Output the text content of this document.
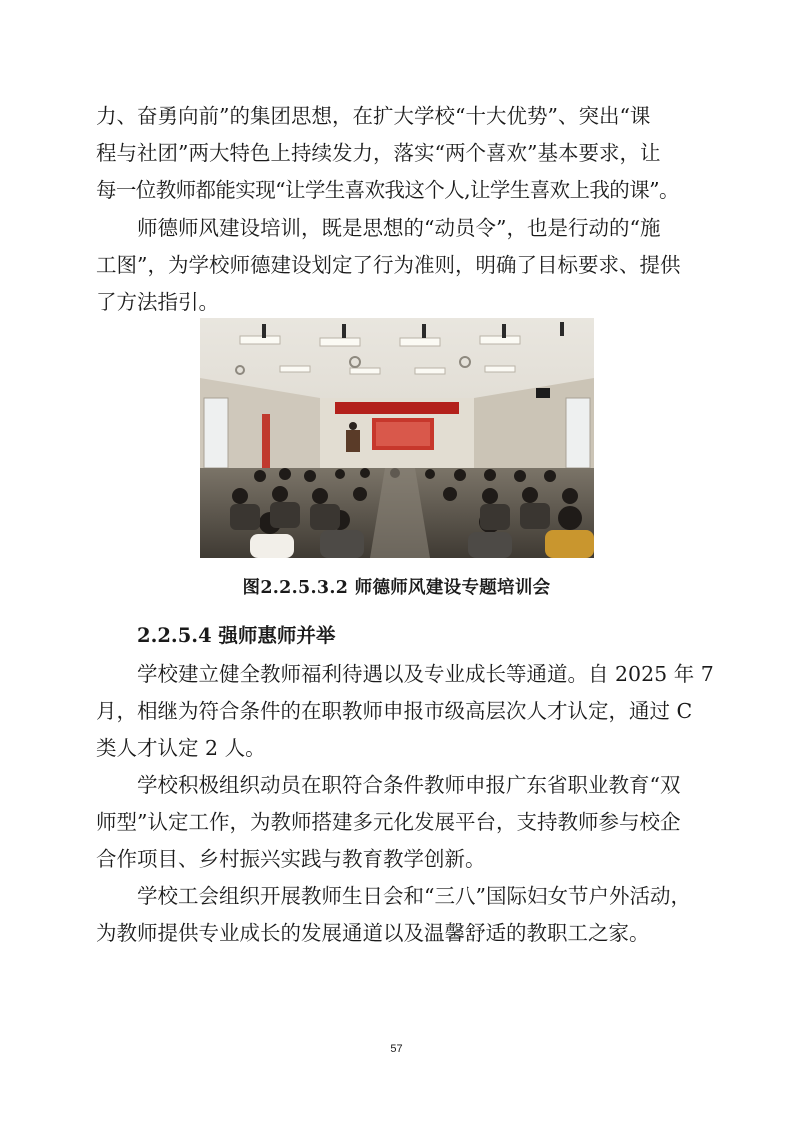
力、奋勇向前”的集团思想，在扩大学校“十大优势”、突出“课
程与社团”两大特色上持续发力，落实“两个喜欢”基本要求，让
每一位教师都能实现“让学生喜欢我这个人,让学生喜欢上我的课”。
师德师风建设培训，既是思想的“动员令”，也是行动的“施
工图”，为学校师德建设划定了行为准则，明确了目标要求、提供
了方法指引。

图2.2.5.3.2 师德师风建设专题培训会

2.2.5.4 强师惠师并举
学校建立健全教师福利待遇以及专业成长等通道。自 2025 年 7
月，相继为符合条件的在职教师申报市级高层次人才认定，通过 C
类人才认定 2 人。
学校积极组织动员在职符合条件教师申报广东省职业教育“双
师型”认定工作，为教师搭建多元化发展平台，支持教师参与校企
合作项目、乡村振兴实践与教育教学创新。
学校工会组织开展教师生日会和“三八”国际妇女节户外活动，
为教师提供专业成长的发展通道以及温馨舒适的教职工之家。
57
